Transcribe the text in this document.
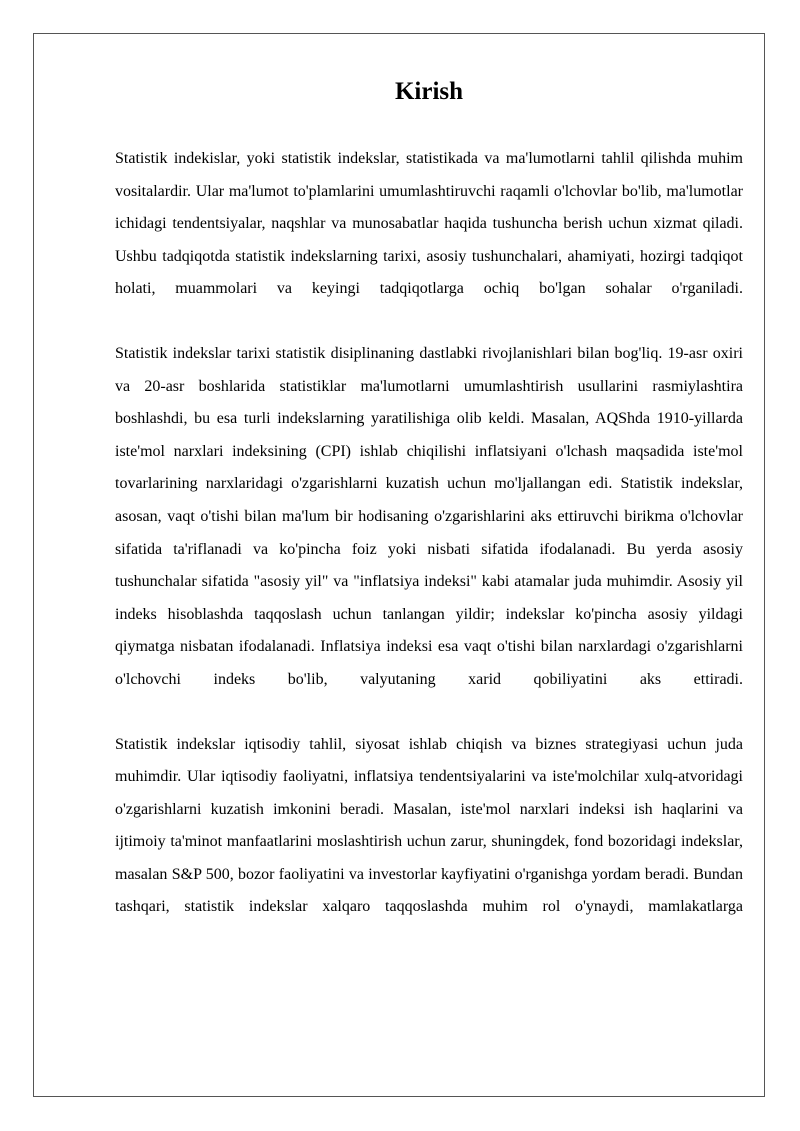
Kirish

Statistik indekislar, yoki statistik indekslar, statistikada va ma'lumotlarni tahlil qilishda muhim vositalardir. Ular ma'lumot to'plamlarini umumlashtiruvchi raqamli o'lchovlar bo'lib, ma'lumotlar ichidagi tendentsiyalar, naqshlar va munosabatlar haqida tushuncha berish uchun xizmat qiladi. Ushbu tadqiqotda statistik indekslarning tarixi, asosiy tushunchalari, ahamiyati, hozirgi tadqiqot holati, muammolari va keyingi tadqiqotlarga ochiq bo'lgan sohalar o'rganiladi.

Statistik indekslar tarixi statistik disiplinaning dastlabki rivojlanishlari bilan bog'liq. 19-asr oxiri va 20-asr boshlarida statistiklar ma'lumotlarni umumlashtirish usullarini rasmiylashtira boshlashdi, bu esa turli indekslarning yaratilishiga olib keldi. Masalan, AQShda 1910-yillarda iste'mol narxlari indeksining (CPI) ishlab chiqilishi inflatsiyani o'lchash maqsadida iste'mol tovarlarining narxlaridagi o'zgarishlarni kuzatish uchun mo'ljallangan edi. Statistik indekslar, asosan, vaqt o'tishi bilan ma'lum bir hodisaning o'zgarishlarini aks ettiruvchi birikma o'lchovlar sifatida ta'riflanadi va ko'pincha foiz yoki nisbati sifatida ifodalanadi. Bu yerda asosiy tushunchalar sifatida "asosiy yil" va "inflatsiya indeksi" kabi atamalar juda muhimdir. Asosiy yil indeks hisoblashda taqqoslash uchun tanlangan yildir; indekslar ko'pincha asosiy yildagi qiymatga nisbatan ifodalanadi. Inflatsiya indeksi esa vaqt o'tishi bilan narxlardagi o'zgarishlarni o'lchovchi indeks bo'lib, valyutaning xarid qobiliyatini aks ettiradi.

Statistik indekslar iqtisodiy tahlil, siyosat ishlab chiqish va biznes strategiyasi uchun juda muhimdir. Ular iqtisodiy faoliyatni, inflatsiya tendentsiyalarini va iste'molchilar xulq-atvoridagi o'zgarishlarni kuzatish imkonini beradi. Masalan, iste'mol narxlari indeksi ish haqlarini va ijtimoiy ta'minot manfaatlarini moslashtirish uchun zarur, shuningdek, fond bozoridagi indekslar, masalan S&P 500, bozor faoliyatini va investorlar kayfiyatini o'rganishga yordam beradi. Bundan tashqari, statistik indekslar xalqaro taqqoslashda muhim rol o'ynaydi, mamlakatlarga
